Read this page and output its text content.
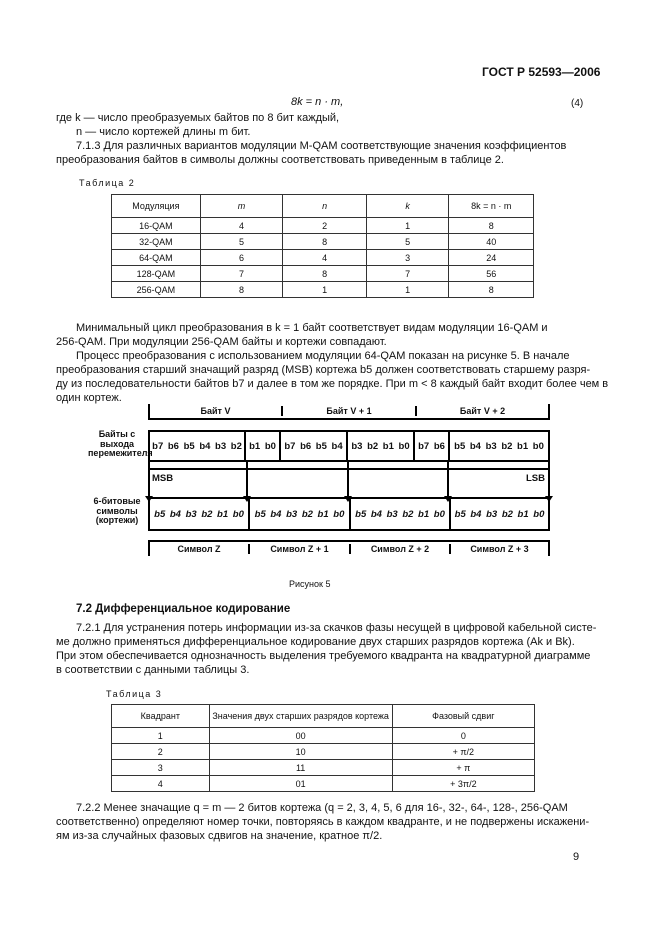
ГОСТ Р 52593—2006
8k = n · m,	(4)
где k — число преобразуемых байтов по 8 бит каждый,
n — число кортежей длины m бит.
7.1.3 Для различных вариантов модуляции M-QAM соответствующие значения коэффициентов
преобразования байтов в символы должны соответствовать приведенным в таблице 2.
Таблица 2
Модуляция	m	n	k	8k = n · m
16-QAM	4	2	1	8
32-QAM	5	8	5	40
64-QAM	6	4	3	24
128-QAM	7	8	7	56
256-QAM	8	1	1	8
Минимальный цикл преобразования в k = 1 байт соответствует видам модуляции 16-QAM и
256-QAM. При модуляции 256-QAM байты и кортежи совпадают.
Процесс преобразования с использованием модуляции 64-QAM показан на рисунке 5. В начале
преобразования старший значащий разряд (MSB) кортежа b5 должен соответствовать старшему разря-
ду из последовательности байтов b7 и далее в том же порядке. При m < 8 каждый байт входит более чем в
один кортеж.
Байт V	Байт V + 1	Байт V + 2
Байты с выхода перемежителя
b7 b6 b5 b4 b3 b2 b1 b0 b7 b6 b5 b4 b3 b2 b1 b0 b7 b6 b5 b4 b3 b2 b1 b0
MSB	LSB
6-битовые символы (кортежи)
b5 b4 b3 b2 b1 b0	b5 b4 b3 b2 b1 b0	b5 b4 b3 b2 b1 b0	b5 b4 b3 b2 b1 b0
Символ Z	Символ Z + 1	Символ Z + 2	Символ Z + 3
Рисунок 5
7.2 Дифференциальное кодирование
7.2.1 Для устранения потерь информации из-за скачков фазы несущей в цифровой кабельной систе-
ме должно применяться дифференциальное кодирование двух старших разрядов кортежа (Ak и Bk).
При этом обеспечивается однозначность выделения требуемого квадранта на квадратурной диаграмме
в соответствии с данными таблицы 3.
Таблица 3
Квадрант	Значения двух старших разрядов кортежа	Фазовый сдвиг
1	00	0
2	10	+ π/2
3	11	+ π
4	01	+ 3π/2
7.2.2 Менее значащие q = m — 2 битов кортежа (q = 2, 3, 4, 5, 6 для 16-, 32-, 64-, 128-, 256-QAM
соответственно) определяют номер точки, повторяясь в каждом квадранте, и не подвержены искажени-
ям из-за случайных фазовых сдвигов на значение, кратное π/2.
9
